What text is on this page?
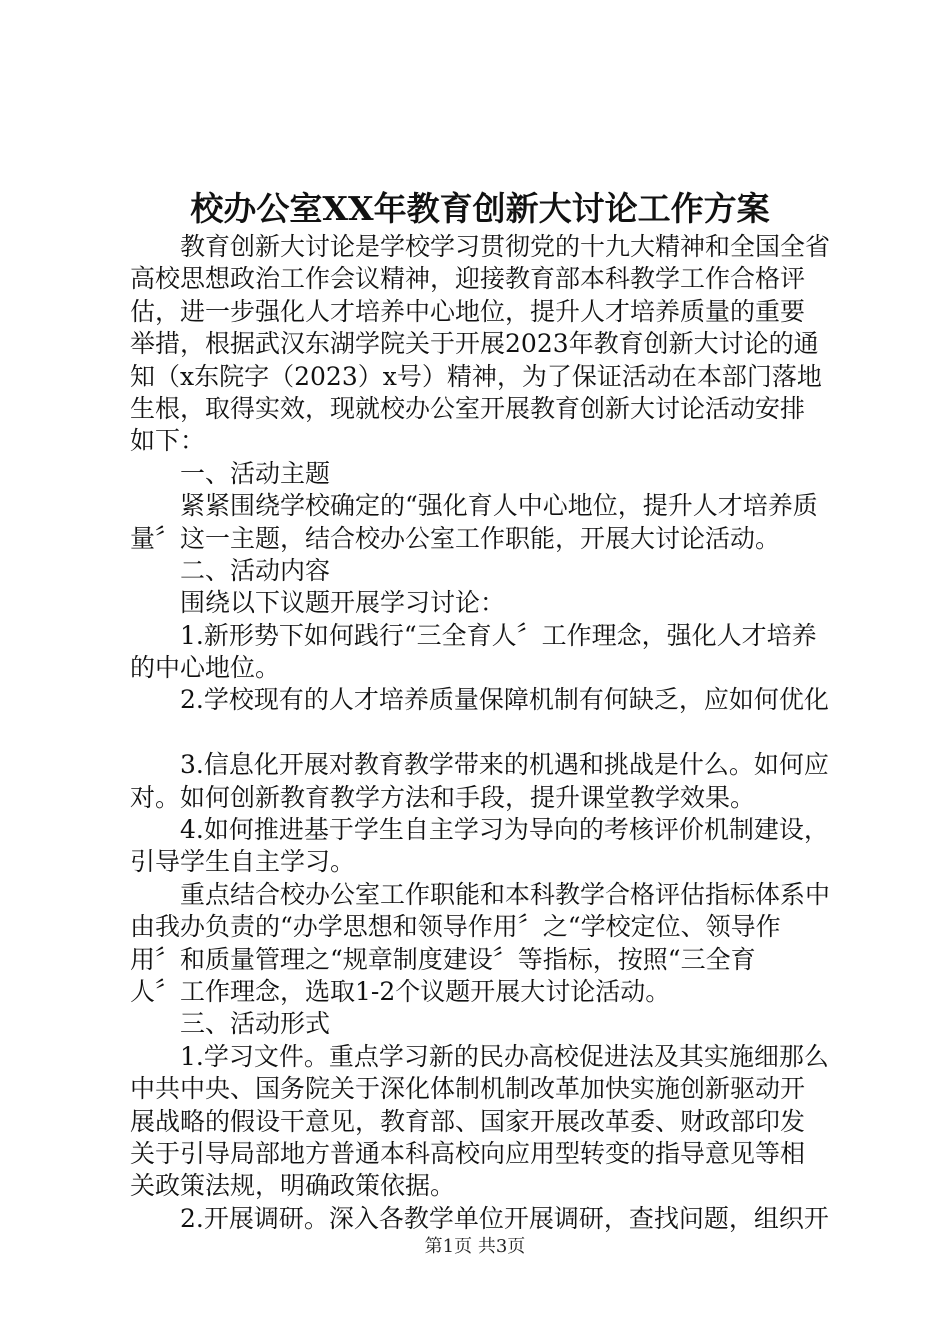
校办公室XX年教育创新大讨论工作方案
教育创新大讨论是学校学习贯彻党的十九大精神和全国全省
高校思想政治工作会议精神，迎接教育部本科教学工作合格评
估，进一步强化人才培养中心地位，提升人才培养质量的重要
举措，根据武汉东湖学院关于开展2023年教育创新大讨论的通
知（x东院字（2023）x号）精神，为了保证活动在本部门落地
生根，取得实效，现就校办公室开展教育创新大讨论活动安排
如下：
一、活动主题
紧紧围绕学校确定的“强化育人中心地位，提升人才培养质
量〞这一主题，结合校办公室工作职能，开展大讨论活动。
二、活动内容
围绕以下议题开展学习讨论：
1.新形势下如何践行“三全育人〞工作理念，强化人才培养
的中心地位。
2.学校现有的人才培养质量保障机制有何缺乏，应如何优化
3.信息化开展对教育教学带来的机遇和挑战是什么。如何应
对。如何创新教育教学方法和手段，提升课堂教学效果。
4.如何推进基于学生自主学习为导向的考核评价机制建设，
引导学生自主学习。
重点结合校办公室工作职能和本科教学合格评估指标体系中
由我办负责的“办学思想和领导作用〞之“学校定位、领导作
用〞和质量管理之“规章制度建设〞等指标，按照“三全育
人〞工作理念，选取1-2个议题开展大讨论活动。
三、活动形式
1.学习文件。重点学习新的民办高校促进法及其实施细那么
中共中央、国务院关于深化体制机制改革加快实施创新驱动开
展战略的假设干意见，教育部、国家开展改革委、财政部印发
关于引导局部地方普通本科高校向应用型转变的指导意见等相
关政策法规，明确政策依据。
2.开展调研。深入各教学单位开展调研，查找问题，组织开
第1页 共3页
